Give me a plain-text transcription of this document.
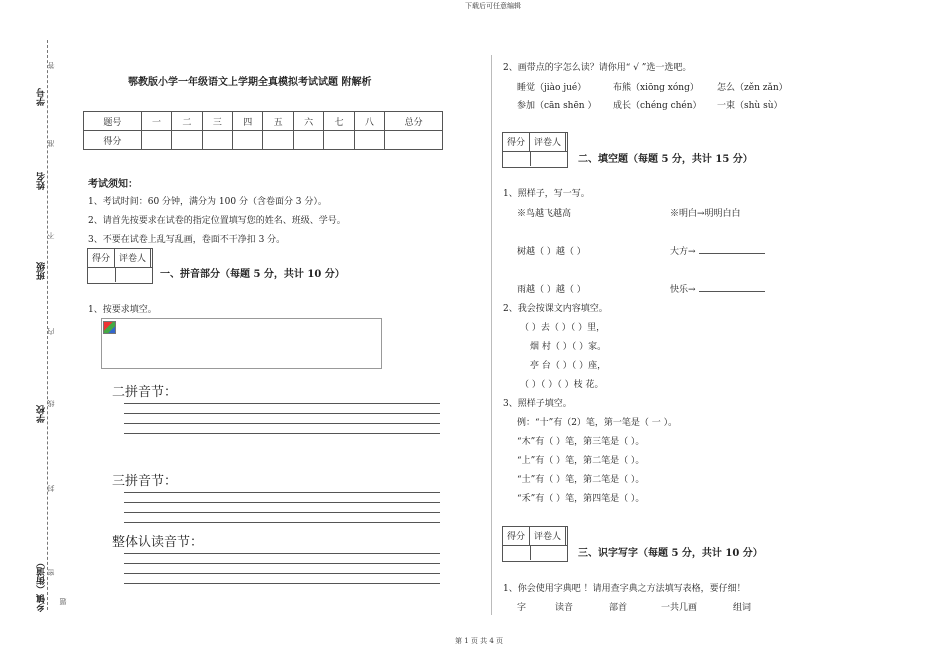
下载后可任意编辑
第 1 页 共 4 页
学号
姓名
班级
学校
乡镇（街道） 密
封
线
内
不
准
答
题
鄂教版小学一年级语文上学期全真模拟考试试题 附解析
题号	一	二	三	四	五	六	七	八	总分
得分									
考试须知：
1、考试时间：60 分钟，满分为 100 分（含卷面分 3 分）。
2、请首先按要求在试卷的指定位置填写您的姓名、班级、学号。
3、不要在试卷上乱写乱画，卷面不干净扣 3 分。
得分	评卷人
一、拼音部分（每题 5 分，共计 10 分）
1、按要求填空。
二拼音节：
三拼音节：
整体认读音节：
2、画带点的字怎么读？请你用“ √ ”选一选吧。
睡觉（jiào jué）	布熊（xiōng xóng） 怎么（zěn zǎn）
参加（cān shēn ） 成长（chéng chén） 一束（shù sù）
得分	评卷人
二、填空题（每题 5 分，共计 15 分）
1、照样子，写一写。
※鸟越飞越高	※明白→明明白白
树越（ ）越（ ）	大方→
雨越（ ）越（ ）	快乐→
2、我会按课文内容填空。
（ ）去（ ）（ ）里，
烟 村（ ）（ ）家。
亭 台（ ）（ ）座，
（ ）（ ）（ ）枝 花。
3、照样子填空。
例：“十”有（2）笔，第一笔是（ 一 ）。
“木”有（ ）笔，第三笔是（ ）。
“上”有（ ）笔，第二笔是（ ）。
“土”有（ ）笔，第二笔是（ ）。
“禾”有（ ）笔，第四笔是（ ）。
得分	评卷人
三、识字写字（每题 5 分，共计 10 分）
1、你会使用字典吧 ！请用查字典之方法填写表格，要仔细！
字	读音	部首	一共几画	组词
